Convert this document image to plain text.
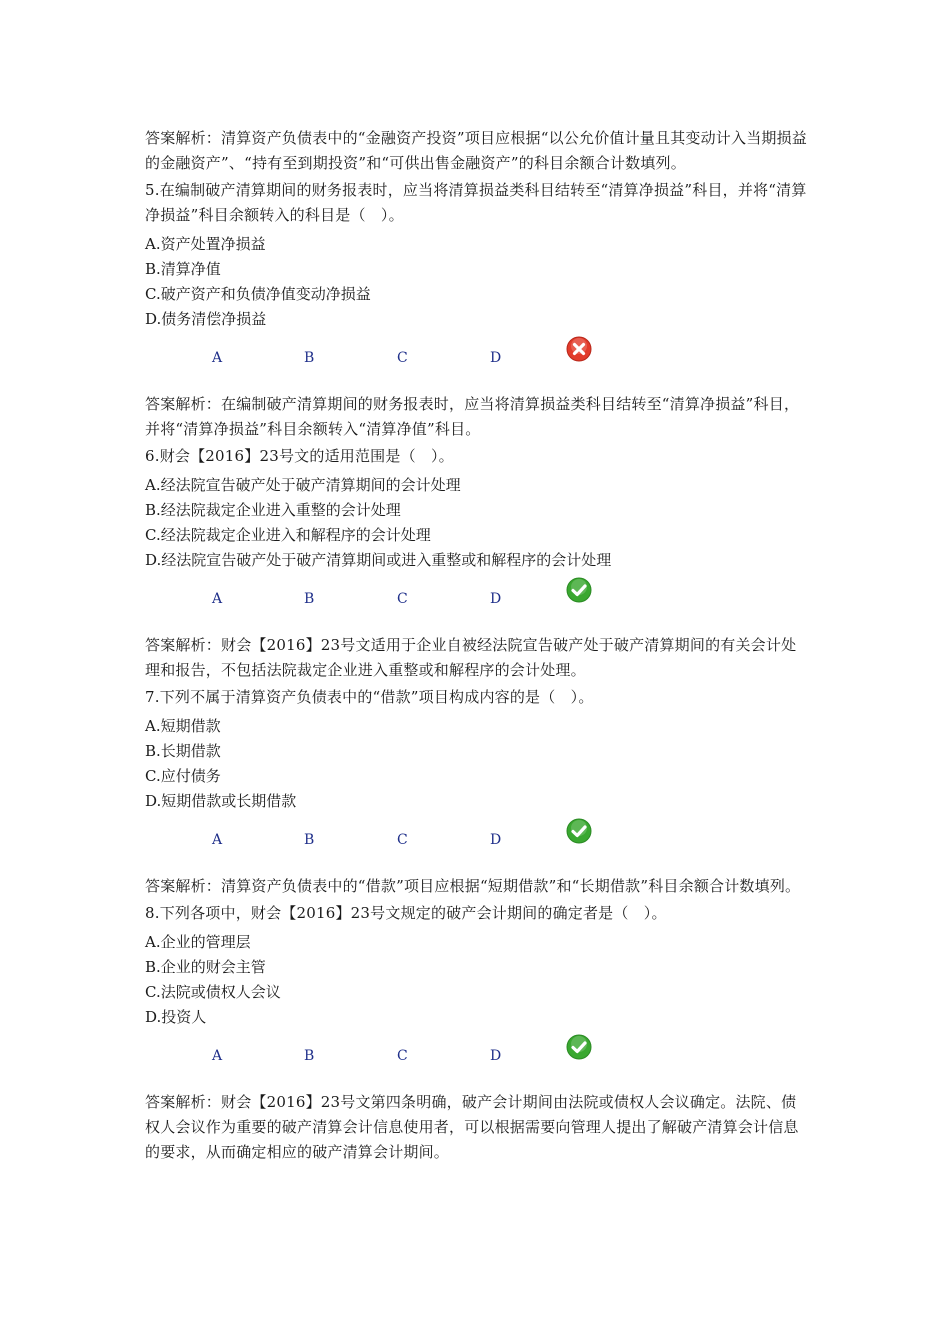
答案解析：清算资产负债表中的“金融资产投资”项目应根据“以公允价值计量且其变动计入当期损益的金融资产”、“持有至到期投资”和“可供出售金融资产”的科目余额合计数填列。

5.在编制破产清算期间的财务报表时，应当将清算损益类科目结转至“清算净损益”科目，并将“清算净损益”科目余额转入的科目是（　）。

A.资产处置净损益

B.清算净值

C.破产资产和负债净值变动净损益

D.债务清偿净损益

A	B	C	D

答案解析：在编制破产清算期间的财务报表时，应当将清算损益类科目结转至“清算净损益”科目，并将“清算净损益”科目余额转入“清算净值”科目。

6.财会【2016】23号文的适用范围是（　）。

A.经法院宣告破产处于破产清算期间的会计处理

B.经法院裁定企业进入重整的会计处理

C.经法院裁定企业进入和解程序的会计处理

D.经法院宣告破产处于破产清算期间或进入重整或和解程序的会计处理

A	B	C	D

答案解析：财会【2016】23号文适用于企业自被经法院宣告破产处于破产清算期间的有关会计处理和报告，不包括法院裁定企业进入重整或和解程序的会计处理。

7.下列不属于清算资产负债表中的“借款”项目构成内容的是（　）。

A.短期借款

B.长期借款

C.应付债务

D.短期借款或长期借款

A	B	C	D

答案解析：清算资产负债表中的“借款”项目应根据“短期借款”和“长期借款”科目余额合计数填列。

8.下列各项中，财会【2016】23号文规定的破产会计期间的确定者是（　）。

A.企业的管理层

B.企业的财会主管

C.法院或债权人会议

D.投资人

A	B	C	D

答案解析：财会【2016】23号文第四条明确，破产会计期间由法院或债权人会议确定。法院、债权人会议作为重要的破产清算会计信息使用者，可以根据需要向管理人提出了解破产清算会计信息的要求，从而确定相应的破产清算会计期间。
